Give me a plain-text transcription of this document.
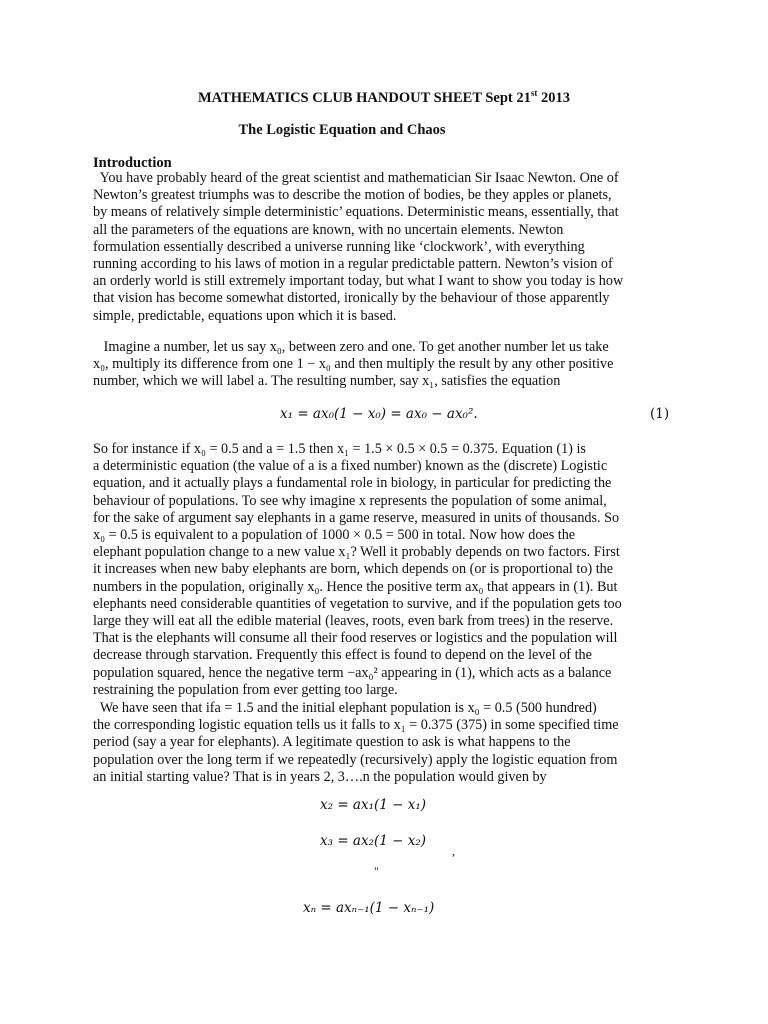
MATHEMATICS CLUB HANDOUT SHEET Sept 21st 2013
The Logistic Equation and Chaos
Introduction
You have probably heard of the great scientist and mathematician Sir Isaac Newton. One of
Newton’s greatest triumphs was to describe the motion of bodies, be they apples or planets,
by means of relatively simple deterministic’ equations. Deterministic means, essentially, that
all the parameters of the equations are known, with no uncertain elements. Newton
formulation essentially described a universe running like ‘clockwork’, with everything
running according to his laws of motion in a regular predictable pattern. Newton’s vision of
an orderly world is still extremely important today, but what I want to show you today is how
that vision has become somewhat distorted, ironically by the behaviour of those apparently
simple, predictable, equations upon which it is based.
Imagine a number, let us say x₀, between zero and one. To get another number let us take
x₀, multiply its difference from one 1 − x₀ and then multiply the result by any other positive
number, which we will label a. The resulting number, say x₁, satisfies the equation
x₁ = ax₀(1 − x₀) = ax₀ − ax₀².	(1)
So for instance if x₀ = 0.5 and a = 1.5 then x₁ = 1.5 × 0.5 × 0.5 = 0.375. Equation (1) is
a deterministic equation (the value of a is a fixed number) known as the (discrete) Logistic
equation, and it actually plays a fundamental role in biology, in particular for predicting the
behaviour of populations. To see why imagine x represents the population of some animal,
for the sake of argument say elephants in a game reserve, measured in units of thousands. So
x₀ = 0.5 is equivalent to a population of 1000 × 0.5 = 500 in total. Now how does the
elephant population change to a new value x₁? Well it probably depends on two factors. First
it increases when new baby elephants are born, which depends on (or is proportional to) the
numbers in the population, originally x₀. Hence the positive term ax₀ that appears in (1). But
elephants need considerable quantities of vegetation to survive, and if the population gets too
large they will eat all the edible material (leaves, roots, even bark from trees) in the reserve.
That is the elephants will consume all their food reserves or logistics and the population will
decrease through starvation. Frequently this effect is found to depend on the level of the
population squared, hence the negative term −ax₀² appearing in (1), which acts as a balance
restraining the population from ever getting too large.
We have seen that ifa = 1.5 and the initial elephant population is x₀ = 0.5 (500 hundred)
the corresponding logistic equation tells us it falls to x₁ = 0.375 (375) in some specified time
period (say a year for elephants). A legitimate question to ask is what happens to the
population over the long term if we repeatedly (recursively) apply the logistic equation from
an initial starting value? That is in years 2, 3….n the population would given by
x₂ = ax₁(1 − x₁)
x₃ = ax₂(1 − x₂)
,
"
xₙ = axₙ₋₁(1 − xₙ₋₁)
